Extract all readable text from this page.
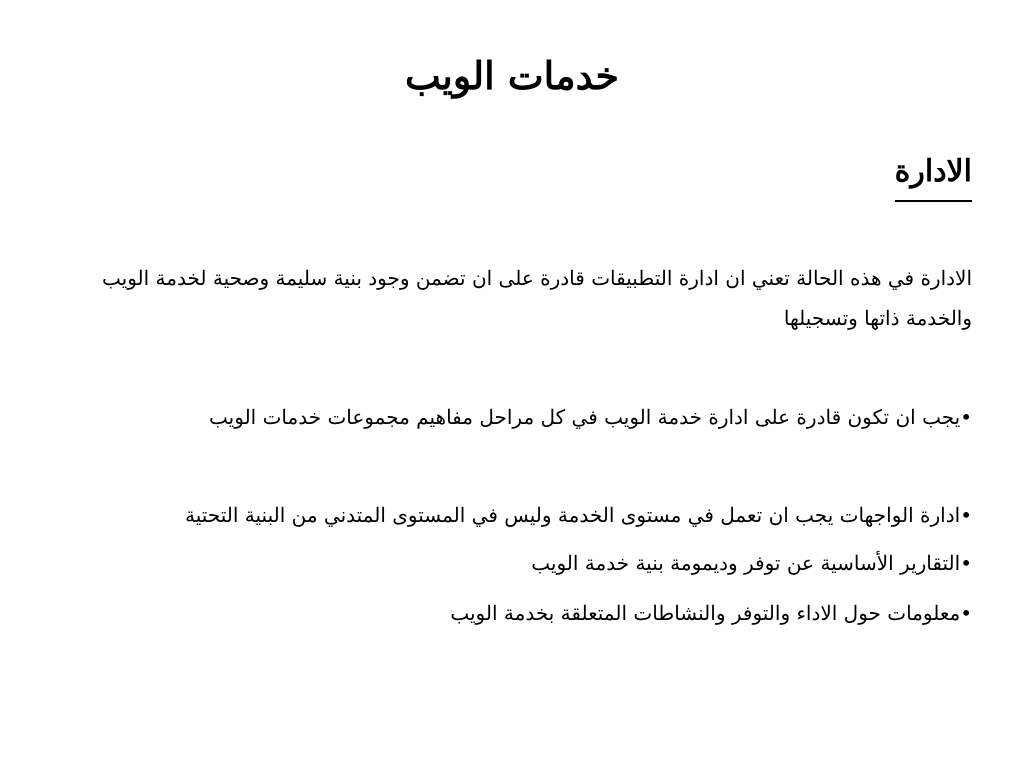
خدمات الويب
الادارة

الادارة في هذه الحالة تعني ان ادارة التطبيقات قادرة على ان تضمن وجود بنية سليمة وصحية لخدمة الويب والخدمة ذاتها وتسجيلها

•يجب ان تكون قادرة على ادارة خدمة الويب في كل مراحل مفاهيم مجموعات خدمات الويب

•ادارة الواجهات يجب ان تعمل في مستوى الخدمة وليس في المستوى المتدني من البنية التحتية

•التقارير الأساسية عن توفر وديمومة بنية خدمة الويب

•معلومات حول الاداء والتوفر والنشاطات المتعلقة بخدمة الويب
